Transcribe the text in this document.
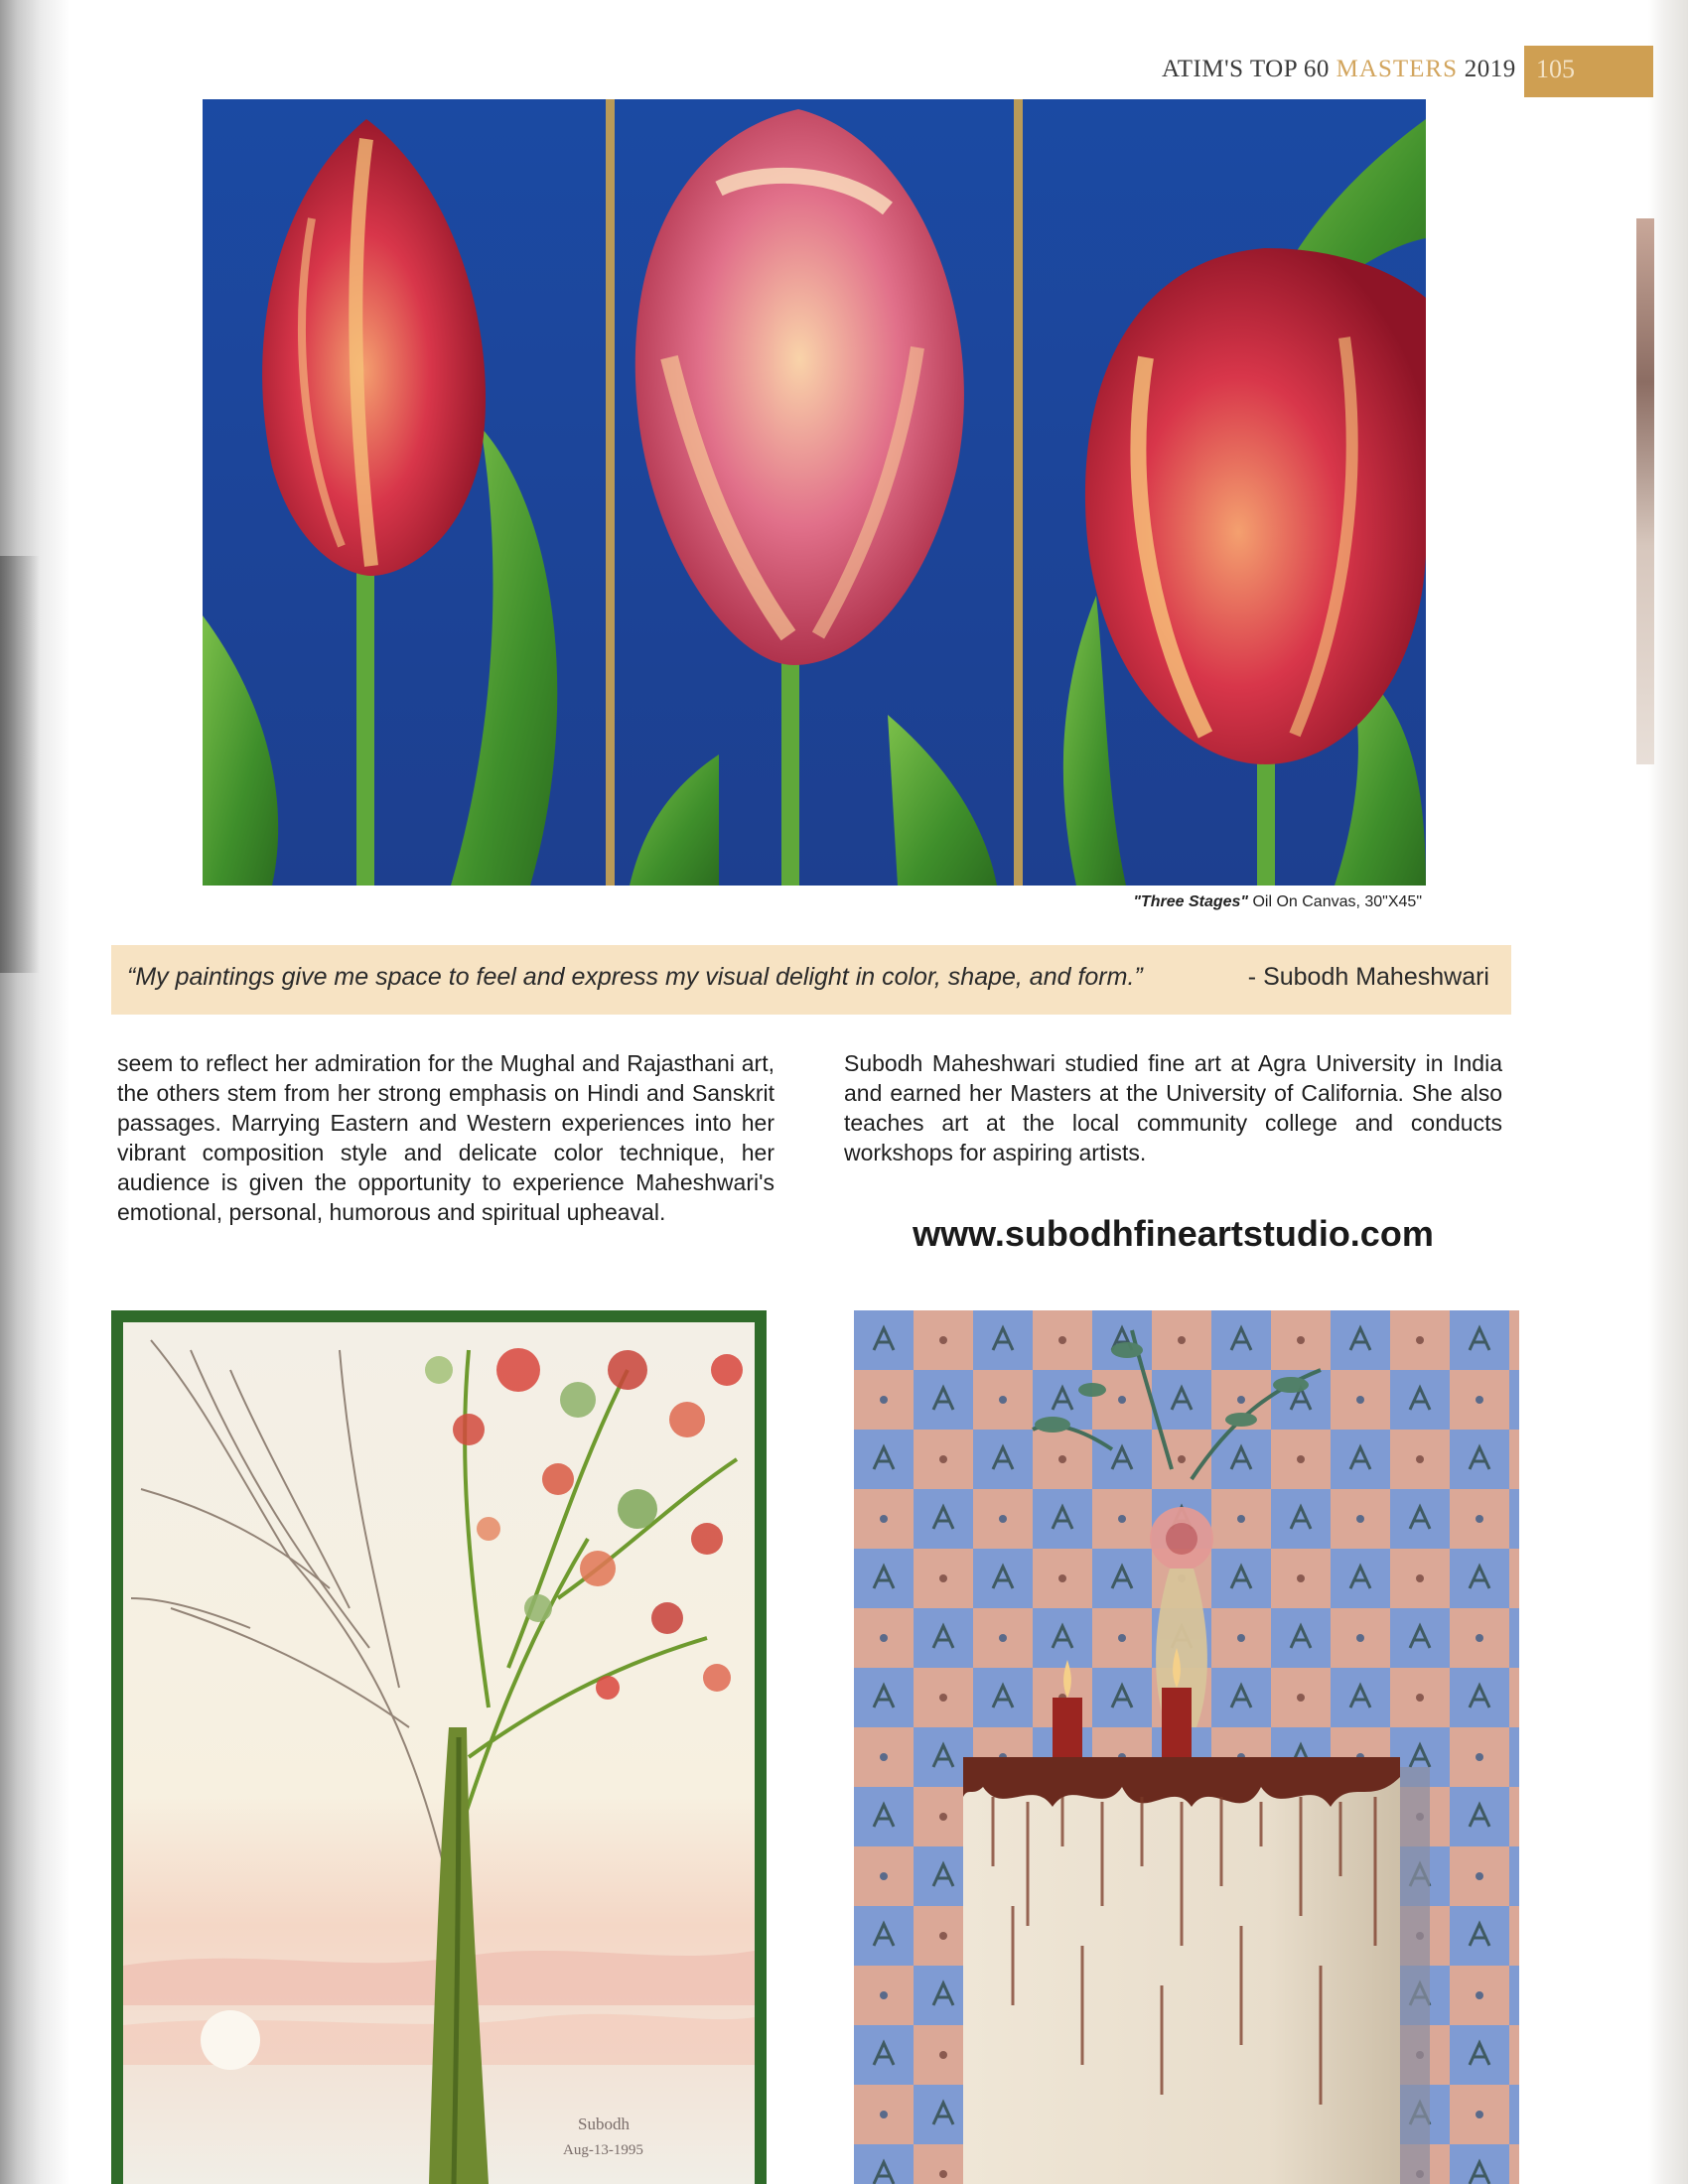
ATIM'S TOP 60 MASTERS 2019 105
"Three Stages" Oil On Canvas, 30"X45"
“My paintings give me space to feel and express my visual delight in color, shape, and form.”	- Subodh Maheshwari

seem to reflect her admiration for the Mughal and Rajasthani art, the others stem from her strong emphasis on Hindi and Sanskrit passages. Marrying Eastern and Western experiences into her vibrant composition style and delicate color technique, her audience is given the opportunity to experience Maheshwari's emotional, personal, humorous and spiritual upheaval.

Subodh Maheshwari studied fine art at Agra University in India and earned her Masters at the University of California. She also teaches art at the local community college and conducts workshops for aspiring artists.

www.subodhfineartstudio.com
Subodh
Aug-13-1995
